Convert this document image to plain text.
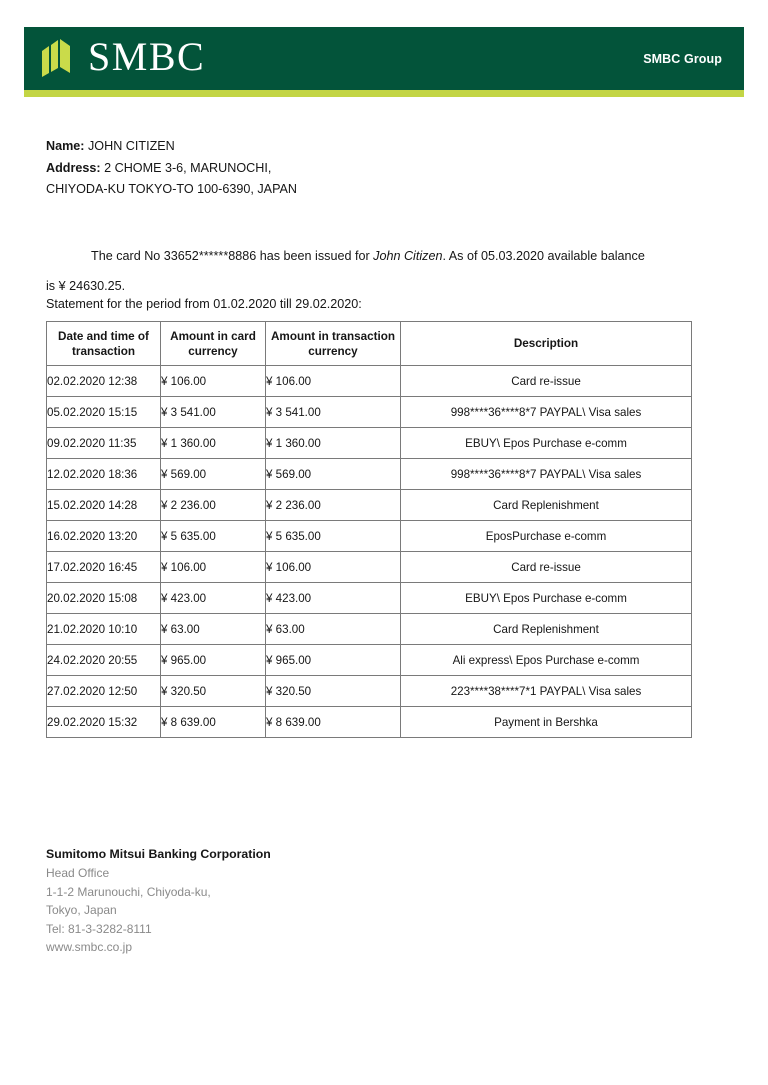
SMBC	SMBC Group
Name: JOHN CITIZEN
Address: 2 CHOME 3-6, MARUNOCHI,
CHIYODA-KU TOKYO-TO 100-6390, JAPAN

The card No 33652******8886 has been issued for John Citizen. As of 05.03.2020 available balance is ¥ 24630.25.

Statement for the period from 01.02.2020 till 29.02.2020:
Date and time of transaction	Amount in card currency	Amount in transaction currency	Description
02.02.2020 12:38	¥ 106.00	¥ 106.00	Card re-issue
05.02.2020 15:15	¥ 3 541.00	¥ 3 541.00	998****36****8*7 PAYPAL\ Visa sales
09.02.2020 11:35	¥ 1 360.00	¥ 1 360.00	EBUY\ Epos Purchase e-comm
12.02.2020 18:36	¥ 569.00	¥ 569.00	998****36****8*7 PAYPAL\ Visa sales
15.02.2020 14:28	¥ 2 236.00	¥ 2 236.00	Card Replenishment
16.02.2020 13:20	¥ 5 635.00	¥ 5 635.00	EposPurchase e-comm
17.02.2020 16:45	¥ 106.00	¥ 106.00	Card re-issue
20.02.2020 15:08	¥ 423.00	¥ 423.00	EBUY\ Epos Purchase e-comm
21.02.2020 10:10	¥ 63.00	¥ 63.00	Card Replenishment
24.02.2020 20:55	¥ 965.00	¥ 965.00	Ali express\ Epos Purchase e-comm
27.02.2020 12:50	¥ 320.50	¥ 320.50	223****38****7*1 PAYPAL\ Visa sales
29.02.2020 15:32	¥ 8 639.00	¥ 8 639.00	Payment in Bershka
Sumitomo Mitsui Banking Corporation
Head Office
1-1-2 Marunouchi, Chiyoda-ku,
Tokyo, Japan
Tel: 81-3-3282-8111
www.smbc.co.jp
